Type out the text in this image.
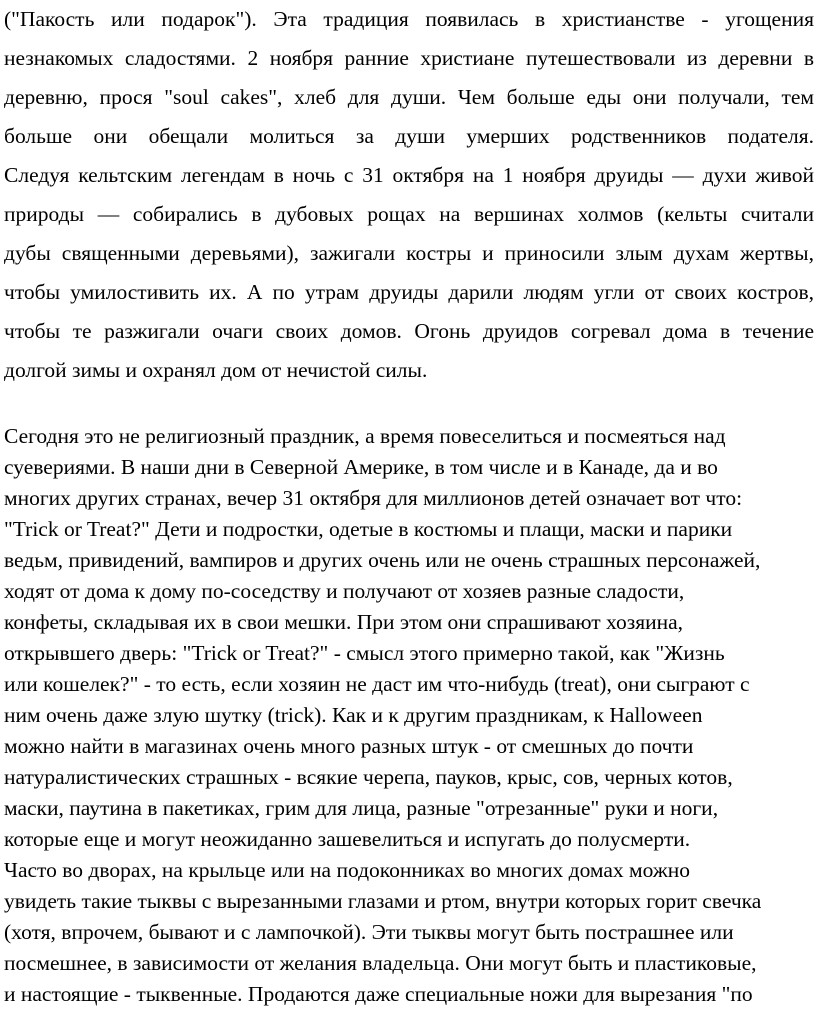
("Пакость или подарок"). Эта традиция появилась в христианстве - угощения
незнакомых сладостями. 2 ноября ранние христиане путешествовали из деревни в
деревню, прося "soul cakes", хлеб для души. Чем больше еды они получали, тем
больше они обещали молиться за души умерших родственников подателя.
Следуя кельтским легендам в ночь с 31 октября на 1 ноября друиды — духи живой
природы — собирались в дубовых рощах на вершинах холмов (кельты считали
дубы священными деревьями), зажигали костры и приносили злым духам жертвы,
чтобы умилостивить их. А по утрам друиды дарили людям угли от своих костров,
чтобы те разжигали очаги своих домов. Огонь друидов согревал дома в течение
долгой зимы и охранял дом от нечистой силы.
Сегодня это не религиозный праздник, а время повеселиться и посмеяться над
суевериями. В наши дни в Северной Америке, в том числе и в Канаде, да и во
многих других странах, вечер 31 октября для миллионов детей означает вот что:
"Trick or Treat?" Дети и подростки, одетые в костюмы и плащи, маски и парики
ведьм, привидений, вампиров и других очень или не очень страшных персонажей,
ходят от дома к дому по-соседству и получают от хозяев разные сладости,
конфеты, складывая их в свои мешки. При этом они спрашивают хозяина,
открывшего дверь: "Trick or Treat?" - смысл этого примерно такой, как "Жизнь
или кошелек?" - то есть, если хозяин не даст им что-нибудь (treat), они сыграют с
ним очень даже злую шутку (trick). Как и к другим праздникам, к Halloween
можно найти в магазинах очень много разных штук - от смешных до почти
натуралистических страшных - всякие черепа, пауков, крыс, сов, черных котов,
маски, паутина в пакетиках, грим для лица, разные "отрезанные" руки и ноги,
которые еще и могут неожиданно зашевелиться и испугать до полусмерти.
Часто во дворах, на крыльце или на подоконниках во многих домах можно
увидеть такие тыквы с вырезанными глазами и ртом, внутри которых горит свечка
(хотя, впрочем, бывают и с лампочкой). Эти тыквы могут быть пострашнее или
посмешнее, в зависимости от желания владельца. Они могут быть и пластиковые,
и настоящие - тыквенные. Продаются даже специальные ножи для вырезания "по
